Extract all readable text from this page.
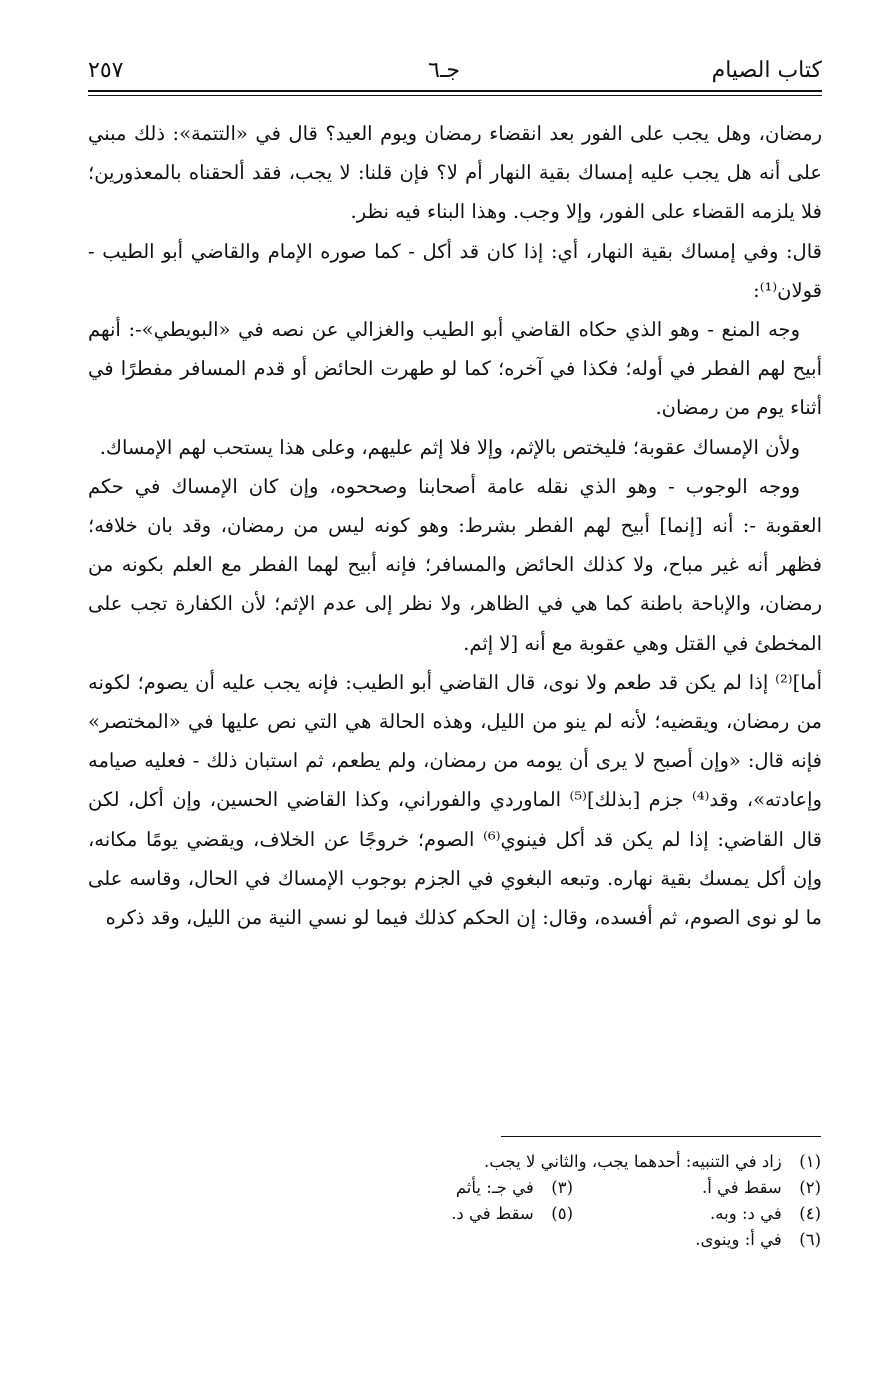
كتاب الصيام
جـ٦
٢٥٧

رمضان، وهل يجب على الفور بعد انقضاء رمضان ويوم العيد؟ قال في «التتمة»: ذلك مبني على أنه هل يجب عليه إمساك بقية النهار أم لا؟ فإن قلنا: لا يجب، فقد ألحقناه بالمعذورين؛ فلا يلزمه القضاء على الفور، وإلا وجب. وهذا البناء فيه نظر.

قال: وفي إمساك بقية النهار، أي: إذا كان قد أكل - كما صوره الإمام والقاضي أبو الطيب - قولان⁽¹⁾:

وجه المنع - وهو الذي حكاه القاضي أبو الطيب والغزالي عن نصه في «البويطي»-: أنهم أبيح لهم الفطر في أوله؛ فكذا في آخره؛ كما لو طهرت الحائض أو قدم المسافر مفطرًا في أثناء يوم من رمضان.

ولأن الإمساك عقوبة؛ فليختص بالإثم، وإلا فلا إثم عليهم، وعلى هذا يستحب لهم الإمساك.

ووجه الوجوب - وهو الذي نقله عامة أصحابنا وصححوه، وإن كان الإمساك في حكم العقوبة -: أنه [إنما] أبيح لهم الفطر بشرط: وهو كونه ليس من رمضان، وقد بان خلافه؛ فظهر أنه غير مباح، ولا كذلك الحائض والمسافر؛ فإنه أبيح لهما الفطر مع العلم بكونه من رمضان، والإباحة باطنة كما هي في الظاهر، ولا نظر إلى عدم الإثم؛ لأن الكفارة تجب على المخطئ في القتل وهي عقوبة مع أنه [لا إثم.

أما]⁽²⁾ إذا لم يكن قد طعم ولا نوى، قال القاضي أبو الطيب: فإنه يجب عليه أن يصوم؛ لكونه من رمضان، ويقضيه؛ لأنه لم ينو من الليل، وهذه الحالة هي التي نص عليها في «المختصر» فإنه قال: «وإن أصبح لا يرى أن يومه من رمضان، ولم يطعم، ثم استبان ذلك - فعليه صيامه وإعادته»، وقد⁽⁴⁾ جزم [بذلك]⁽⁵⁾ الماوردي والفوراني، وكذا القاضي الحسين، وإن أكل، لكن قال القاضي: إذا لم يكن قد أكل فينوي⁽⁶⁾ الصوم؛ خروجًا عن الخلاف، ويقضي يومًا مكانه، وإن أكل يمسك بقية نهاره. وتبعه البغوي في الجزم بوجوب الإمساك في الحال، وقاسه على ما لو نوى الصوم، ثم أفسده، وقال: إن الحكم كذلك فيما لو نسي النية من الليل، وقد ذكره

(١) زاد في التنبيه: أحدهما يجب، والثاني لا يجب.
(٢) سقط في أ.
(٣) في جـ: يأثم
(٤) في د: وبه.
(٥) سقط في د.
(٦) في أ: وينوى.
